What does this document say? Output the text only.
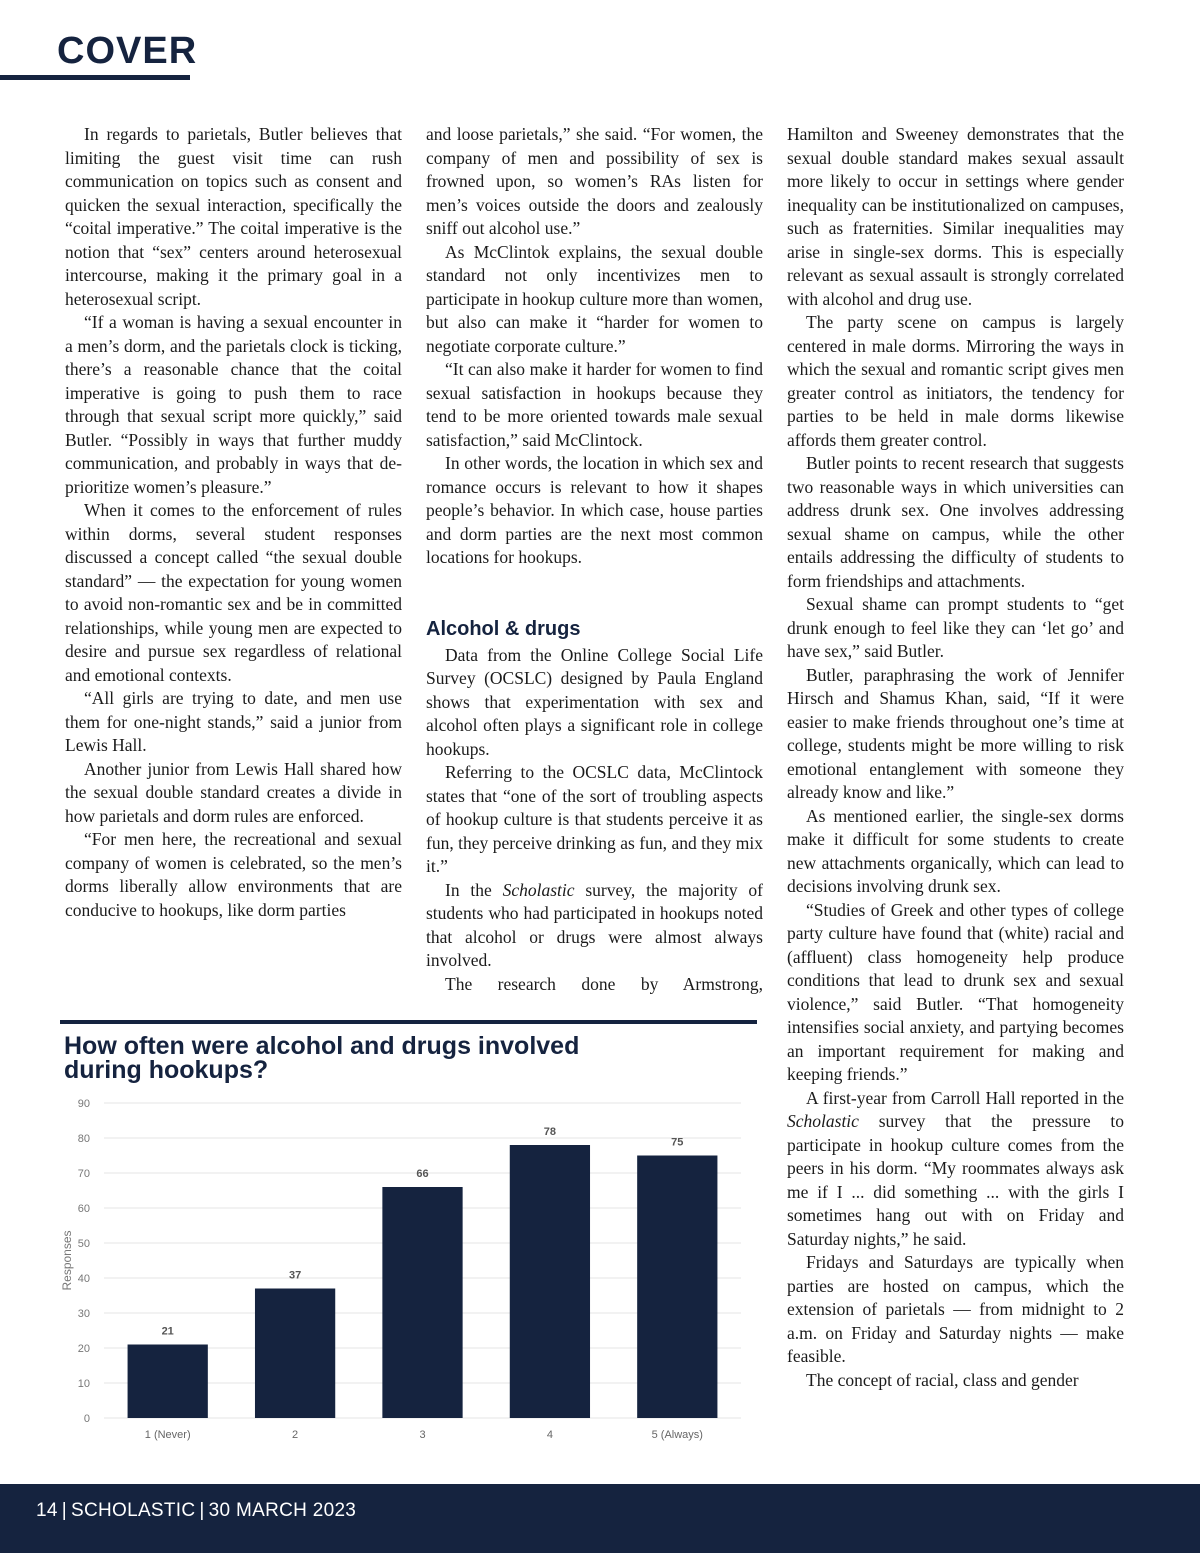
COVER

In regards to parietals, Butler believes that limiting the guest visit time can rush communication on topics such as consent and quicken the sexual interaction, specifically the “coital imperative.” The coital imperative is the notion that “sex” centers around heterosexual intercourse, making it the primary goal in a heterosexual script.

“If a woman is having a sexual encounter in a men’s dorm, and the parietals clock is ticking, there’s a reasonable chance that the coital imperative is going to push them to race through that sexual script more quickly,” said Butler. “Possibly in ways that further muddy communication, and probably in ways that de-prioritize women’s pleasure.”

When it comes to the enforcement of rules within dorms, several student responses discussed a concept called “the sexual double standard” — the expectation for young women to avoid non-romantic sex and be in committed relationships, while young men are expected to desire and pursue sex regardless of relational and emotional contexts.

“All girls are trying to date, and men use them for one-night stands,” said a junior from Lewis Hall.

Another junior from Lewis Hall shared how the sexual double standard creates a divide in how parietals and dorm rules are enforced.

“For men here, the recreational and sexual company of women is celebrated, so the men’s dorms liberally allow environments that are conducive to hookups, like dorm parties

and loose parietals,” she said. “For women, the company of men and possibility of sex is frowned upon, so women’s RAs listen for men’s voices outside the doors and zealously sniff out alcohol use.”

As McClintok explains, the sexual double standard not only incentivizes men to participate in hookup culture more than women, but also can make it “harder for women to negotiate corporate culture.”

“It can also make it harder for women to find sexual satisfaction in hookups because they tend to be more oriented towards male sexual satisfaction,” said McClintock.

In other words, the location in which sex and romance occurs is relevant to how it shapes people’s behavior. In which case, house parties and dorm parties are the next most common locations for hookups.

Alcohol & drugs

Data from the Online College Social Life Survey (OCSLC) designed by Paula England shows that experimentation with sex and alcohol often plays a significant role in college hookups.

Referring to the OCSLC data, McClintock states that “one of the sort of troubling aspects of hookup culture is that students perceive it as fun, they perceive drinking as fun, and they mix it.”

In the Scholastic survey, the majority of students who had participated in hookups noted that alcohol or drugs were almost always involved.

The research done by Armstrong,

Hamilton and Sweeney demonstrates that the sexual double standard makes sexual assault more likely to occur in settings where gender inequality can be institutionalized on campuses, such as fraternities. Similar inequalities may arise in single-sex dorms. This is especially relevant as sexual assault is strongly correlated with alcohol and drug use.

The party scene on campus is largely centered in male dorms. Mirroring the ways in which the sexual and romantic script gives men greater control as initiators, the tendency for parties to be held in male dorms likewise affords them greater control.

Butler points to recent research that suggests two reasonable ways in which universities can address drunk sex. One involves addressing sexual shame on campus, while the other entails addressing the difficulty of students to form friendships and attachments.

Sexual shame can prompt students to “get drunk enough to feel like they can ‘let go’ and have sex,” said Butler.

Butler, paraphrasing the work of Jennifer Hirsch and Shamus Khan, said, “If it were easier to make friends throughout one’s time at college, students might be more willing to risk emotional entanglement with someone they already know and like.”

As mentioned earlier, the single-sex dorms make it difficult for some students to create new attachments organically, which can lead to decisions involving drunk sex.

“Studies of Greek and other types of college party culture have found that (white) racial and (affluent) class homogeneity help produce conditions that lead to drunk sex and sexual violence,” said Butler. “That homogeneity intensifies social anxiety, and partying becomes an important requirement for making and keeping friends.”

A first-year from Carroll Hall reported in the Scholastic survey that the pressure to participate in hookup culture comes from the peers in his dorm. “My roommates always ask me if I ... did something ... with the girls I sometimes hang out with on Friday and Saturday nights,” he said.

Fridays and Saturdays are typically when parties are hosted on campus, which the extension of parietals — from midnight to 2 a.m. on Friday and Saturday nights — make feasible.

The concept of racial, class and gender

How often were alcohol and drugs involved during hookups?
0
10
20
30
40
50
60
70
80
90
Responses
21
1 (Never)
37
2
66
3
78
4
75
5 (Always)
14 | SCHOLASTIC | 30 MARCH 2023
